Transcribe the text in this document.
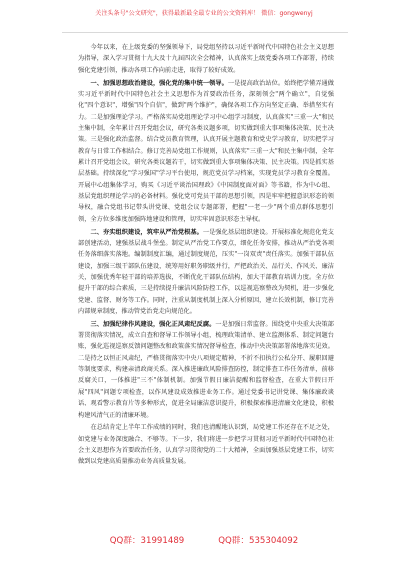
关注头条号"公文研究"，获得最新最全最专业的公文资料库！ 微信：gongwenyj

今年以来，在上级党委的坚强领导下，局党组坚持以习近平新时代中国特色社会主义思想为指导，深入学习贯彻十九大及十九届四次全会精神，认真落实上级党委各项工作部署，持续强化党建引领，推动各项工作向前走进，取得了较好成效。

一、加强思想政治建设，强化党的集中统一领导。一是提高政治站位。始终把学懂弄通做实习近平新时代中国特色社会主义思想作为首要政治任务，深刻领会"两个确立"，自觉强化"四个意识"，增强"四个自信"，做到"两个维护"，确保各项工作方向坚定正确、举措坚实有力。二是加强理论学习。严格落实局党组理论学习中心组学习制度，认真落实"三重一大"和民主集中制，全年累计召开党组会议，研究各类议题多项，切实做到重大事项集体决策、民主决策。三是强化政治监督。结合党员教育管理，认真开展主题教育和党史学习教育，切实把学习教育与日常工作相结合。修订完善局党组工作规则，认真落实"三重一大"和民主集中制，全年累计召开党组会议，研究各类议题若干，切实做到重大事项集体决策、民主决策。四是抓实基层基础。持续深化"学习强国"学习平台使用，规范党员学习档案，实现党员学习教育全覆盖。开展中心组集体学习，购买《习近平谈治国理政》《中国制度面对面》等书籍，作为中心组、基层党组织理论学习的必备材料。强化党可党员干部的思想引领，四是牢牢把握意识形态的领导权，融合党组书记带头讲党课、党组会议专题部署，把握"一老一少"两个重点群体思想引领，全方位多维度加强阵地建设和管理，切实牢固意识形态主导权。

二、夯实组织建设，筑牢从严治党根基。一是强化基层组织建设。开展标准化规范化党支部创建活动，建强基层战斗堡垒。制定从严治党工作要点，细化任务安排，推动从严治党各项任务落细落实落地。编制制度汇编，通过制度规范，压实"一岗双责"责任落实。加强干部队伍建设，加强三级干部队伍建设，统筹用好职务职级并行，严把政治关、品行关、作风关、廉洁关，加强优秀年轻干部的培养选拔，不断优化干部队伍结构，加大干部教育培训力度。全方位提升干部的综合素质，三是持续提升廉洁风险防控工作，以巡视巡察整改为契机，进一步强化党建、监督、财务等工作。同时，注重从制度机制上深入分析原因，建立长效机制，修订完善内部规章制度，推动管党治党走向规范化。

三、加强纪律作风建设，强化正风肃纪反腐。一是加强日常监督。围绕党中央重大决策部署贯彻落实情况，成立自查和督导工作领导小组，梳理政策清单、建立监测体系、制定问题台账，强化巡视巡察反馈问题整改和政策落实情况督导检查，推动中央决策部署落地落实见效。二是持之以恒正风肃纪，严格贯彻落实中央八项规定精神，不折不扣执行公私分开、履职回避等制度要求，构建亲清政商关系。深入推进廉政风险排查防控，制定排查工作任务清单，前移反腐关口，一体推进"三不"体制机制。加强节假日廉洁提醒和监督检查，在重大节假日开展"四风"问题专项检查，以作风建设成效推进业务工作。通过党委书记讲党课、集体廉政谈话、观看警示教育片等多种形式，促进全局廉洁意识提升，积极探索推进清廉文化建设，积极构建风清气正的清廉环境。

在总结肯定上半年工作成绩的同时，我们也清醒地认识到，局党建工作还存在不足之处，如党建与业务深度融合、不够等。下一步，我们将进一步把学习贯彻习近平新时代中国特色社会主义思想作为首要政治任务，认真学习贯彻党的二十大精神，全面加强基层党建工作，切实做到以党建高质量推动业务高质量发展。

QQ群：31991489	QQ群：535304092
